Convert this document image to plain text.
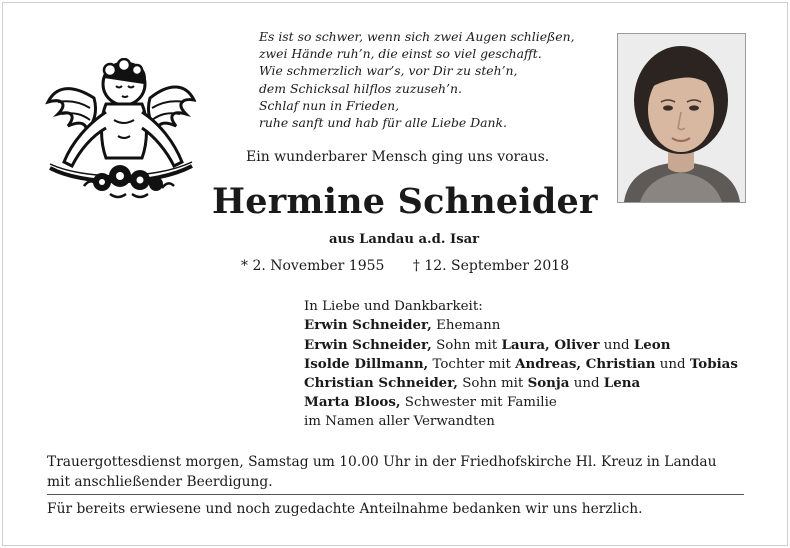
Es ist so schwer, wenn sich zwei Augen schließen,
zwei Hände ruh’n, die einst so viel geschafft.
Wie schmerzlich war’s, vor Dir zu steh’n,
dem Schicksal hilflos zuzuseh’n.
Schlaf nun in Frieden,
ruhe sanft und hab für alle Liebe Dank.
Ein wunderbarer Mensch ging uns voraus.
Hermine Schneider
aus Landau a.d. Isar
* 2. November 1955 † 12. September 2018
In Liebe und Dankbarkeit:
Erwin Schneider, Ehemann
Erwin Schneider, Sohn mit Laura, Oliver und Leon
Isolde Dillmann, Tochter mit Andreas, Christian und Tobias
Christian Schneider, Sohn mit Sonja und Lena
Marta Bloos, Schwester mit Familie
im Namen aller Verwandten
Trauergottesdienst morgen, Samstag um 10.00 Uhr in der Friedhofskirche Hl. Kreuz in Landau
mit anschließender Beerdigung.
Für bereits erwiesene und noch zugedachte Anteilnahme bedanken wir uns herzlich.
